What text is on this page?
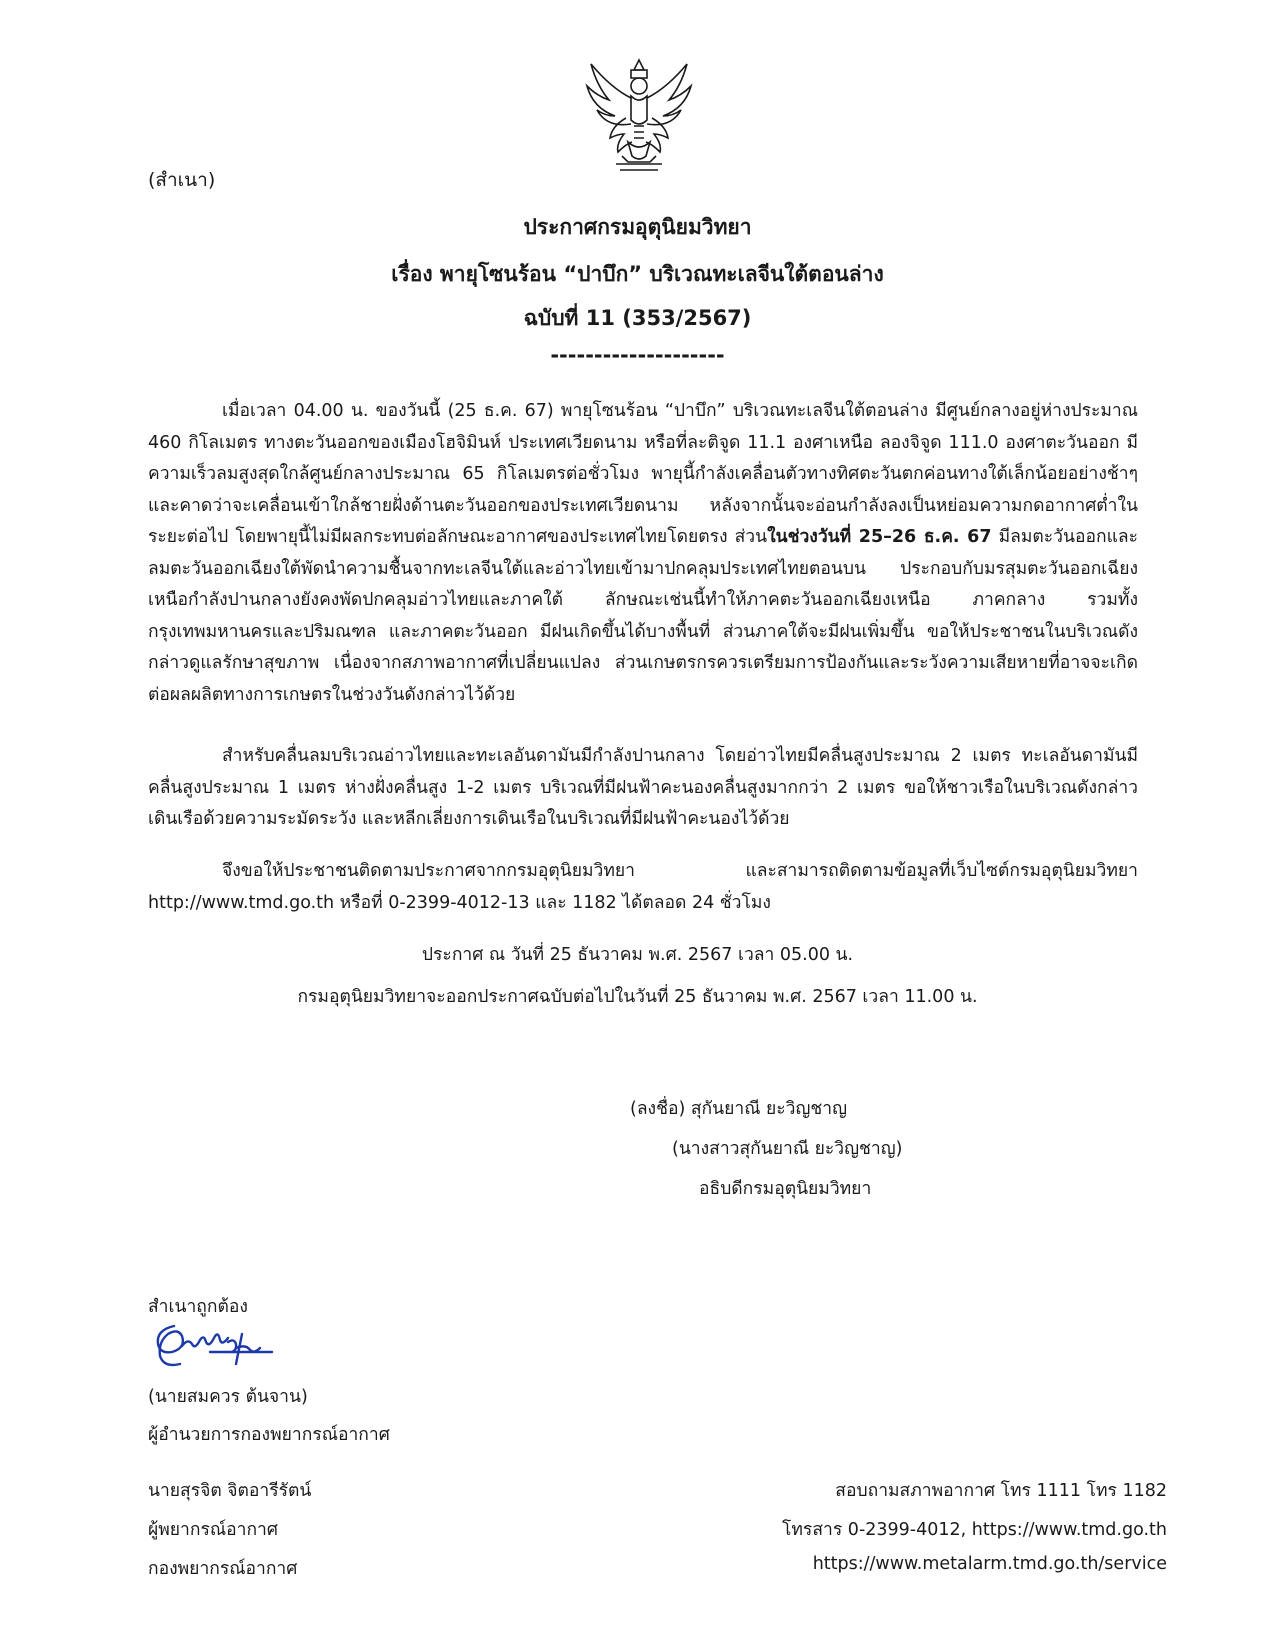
(สำเนา)
ประกาศกรมอุตุนิยมวิทยา
เรื่อง พายุโซนร้อน “ปาบึก” บริเวณทะเลจีนใต้ตอนล่าง
ฉบับที่ 11 (353/2567)
--------------------

เมื่อเวลา 04.00 น. ของวันนี้ (25 ธ.ค. 67) พายุโซนร้อน “ปาบึก” บริเวณทะเลจีนใต้ตอนล่าง มีศูนย์กลางอยู่ห่างประมาณ 460 กิโลเมตร ทางตะวันออกของเมืองโฮจิมินห์ ประเทศเวียดนาม หรือที่ละติจูด 11.1 องศาเหนือ ลองจิจูด 111.0 องศาตะวันออก มีความเร็วลมสูงสุดใกล้ศูนย์กลางประมาณ 65 กิโลเมตรต่อชั่วโมง พายุนี้กำลังเคลื่อนตัวทางทิศตะวันตกค่อนทางใต้เล็กน้อยอย่างช้าๆ และคาดว่าจะเคลื่อนเข้าใกล้ชายฝั่งด้านตะวันออกของประเทศเวียดนาม หลังจากนั้นจะอ่อนกำลังลงเป็นหย่อมความกดอากาศต่ำในระยะต่อไป โดยพายุนี้ไม่มีผลกระทบต่อลักษณะอากาศของประเทศไทยโดยตรง ส่วนในช่วงวันที่ 25–26 ธ.ค. 67 มีลมตะวันออกและลมตะวันออกเฉียงใต้พัดนำความชื้นจากทะเลจีนใต้และอ่าวไทยเข้ามาปกคลุมประเทศไทยตอนบน ประกอบกับมรสุมตะวันออกเฉียงเหนือกำลังปานกลางยังคงพัดปกคลุมอ่าวไทยและภาคใต้ ลักษณะเช่นนี้ทำให้ภาคตะวันออกเฉียงเหนือ ภาคกลาง รวมทั้งกรุงเทพมหานครและปริมณฑล และภาคตะวันออก มีฝนเกิดขึ้นได้บางพื้นที่ ส่วนภาคใต้จะมีฝนเพิ่มขึ้น ขอให้ประชาชนในบริเวณดังกล่าวดูแลรักษาสุขภาพ เนื่องจากสภาพอากาศที่เปลี่ยนแปลง ส่วนเกษตรกรควรเตรียมการป้องกันและระวังความเสียหายที่อาจจะเกิดต่อผลผลิตทางการเกษตรในช่วงวันดังกล่าวไว้ด้วย

สำหรับคลื่นลมบริเวณอ่าวไทยและทะเลอันดามันมีกำลังปานกลาง โดยอ่าวไทยมีคลื่นสูงประมาณ 2 เมตร ทะเลอันดามันมีคลื่นสูงประมาณ 1 เมตร ห่างฝั่งคลื่นสูง 1-2 เมตร บริเวณที่มีฝนฟ้าคะนองคลื่นสูงมากกว่า 2 เมตร ขอให้ชาวเรือในบริเวณดังกล่าวเดินเรือด้วยความระมัดระวัง และหลีกเลี่ยงการเดินเรือในบริเวณที่มีฝนฟ้าคะนองไว้ด้วย

จึงขอให้ประชาชนติดตามประกาศจากกรมอุตุนิยมวิทยา และสามารถติดตามข้อมูลที่เว็บไซต์กรมอุตุนิยมวิทยา http://www.tmd.go.th หรือที่ 0-2399-4012-13 และ 1182 ได้ตลอด 24 ชั่วโมง

ประกาศ ณ วันที่ 25 ธันวาคม พ.ศ. 2567 เวลา 05.00 น.
กรมอุตุนิยมวิทยาจะออกประกาศฉบับต่อไปในวันที่ 25 ธันวาคม พ.ศ. 2567 เวลา 11.00 น.
(ลงชื่อ) สุกันยาณี ยะวิญชาญ
(นางสาวสุกันยาณี ยะวิญชาญ)
อธิบดีกรมอุตุนิยมวิทยา
สำเนาถูกต้อง
(นายสมควร ต้นจาน)
ผู้อำนวยการกองพยากรณ์อากาศ
นายสุรจิต จิตอารีรัตน์
ผู้พยากรณ์อากาศ
กองพยากรณ์อากาศ
สอบถามสภาพอากาศ โทร 1111 โทร 1182
โทรสาร 0-2399-4012, https://www.tmd.go.th
https://www.metalarm.tmd.go.th/service
